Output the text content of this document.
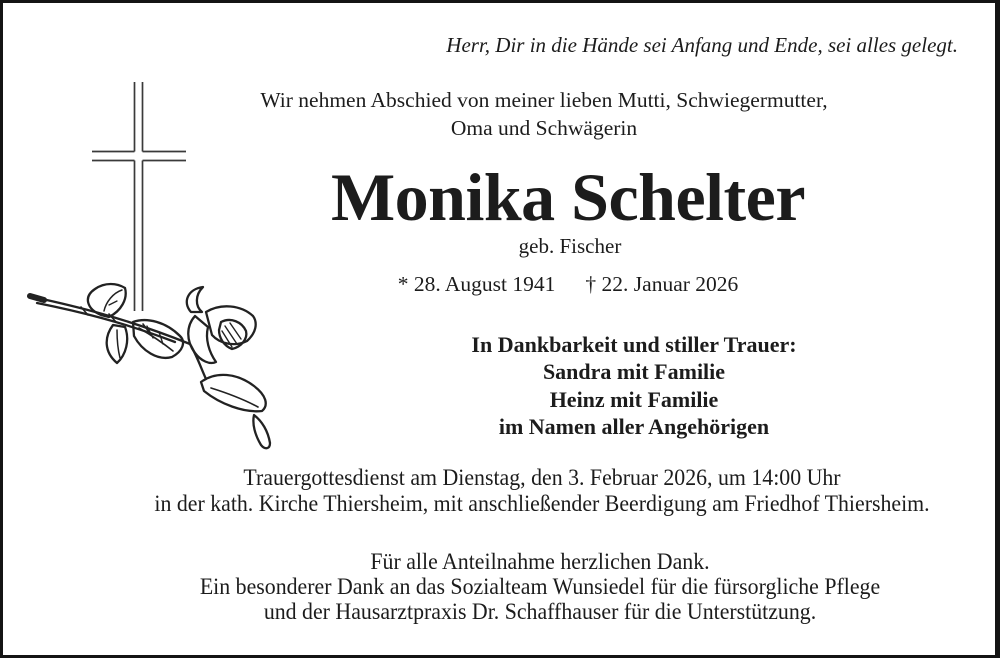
Herr, Dir in die Hände sei Anfang und Ende, sei alles gelegt.
Wir nehmen Abschied von meiner lieben Mutti, Schwiegermutter,
Oma und Schwägerin
Monika Schelter
geb. Fischer
* 28. August 1941 † 22. Januar 2026
In Dankbarkeit und stiller Trauer:
Sandra mit Familie
Heinz mit Familie
im Namen aller Angehörigen
Trauergottesdienst am Dienstag, den 3. Februar 2026, um 14:00 Uhr
in der kath. Kirche Thiersheim, mit anschließender Beerdigung am Friedhof Thiersheim.
Für alle Anteilnahme herzlichen Dank.
Ein besonderer Dank an das Sozialteam Wunsiedel für die fürsorgliche Pflege
und der Hausarztpraxis Dr. Schaffhauser für die Unterstützung.
